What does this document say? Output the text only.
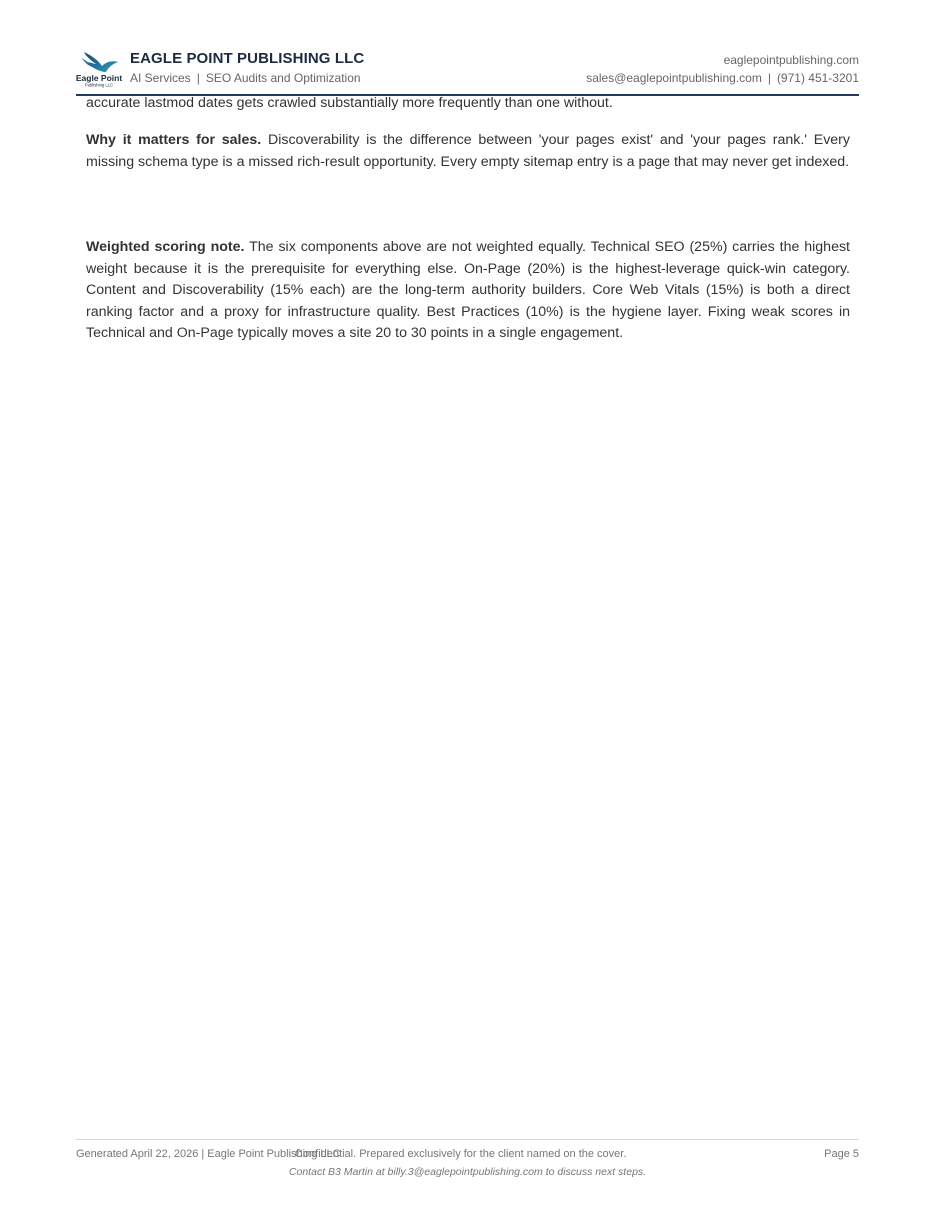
Eagle Point
Publishing LLC
EAGLE POINT PUBLISHING LLC
AI Services | SEO Audits and Optimization
eaglepointpublishing.com
sales@eaglepointpublishing.com | (971) 451-3201
accurate lastmod dates gets crawled substantially more frequently than one without.
Why it matters for sales. Discoverability is the difference between 'your pages exist' and 'your pages rank.' Every missing schema type is a missed rich-result opportunity. Every empty sitemap entry is a page that may never get indexed.
Weighted scoring note. The six components above are not weighted equally. Technical SEO (25%) carries the highest weight because it is the prerequisite for everything else. On-Page (20%) is the highest-leverage quick-win category. Content and Discoverability (15% each) are the long-term authority builders. Core Web Vitals (15%) is both a direct ranking factor and a proxy for infrastructure quality. Best Practices (10%) is the hygiene layer. Fixing weak scores in Technical and On-Page typically moves a site 20 to 30 points in a single engagement.
Generated April 22, 2026 | Eagle Point Publishing LLC
Confidential. Prepared exclusively for the client named on the cover.	Page 5
Contact B3 Martin at billy.3@eaglepointpublishing.com to discuss next steps.
